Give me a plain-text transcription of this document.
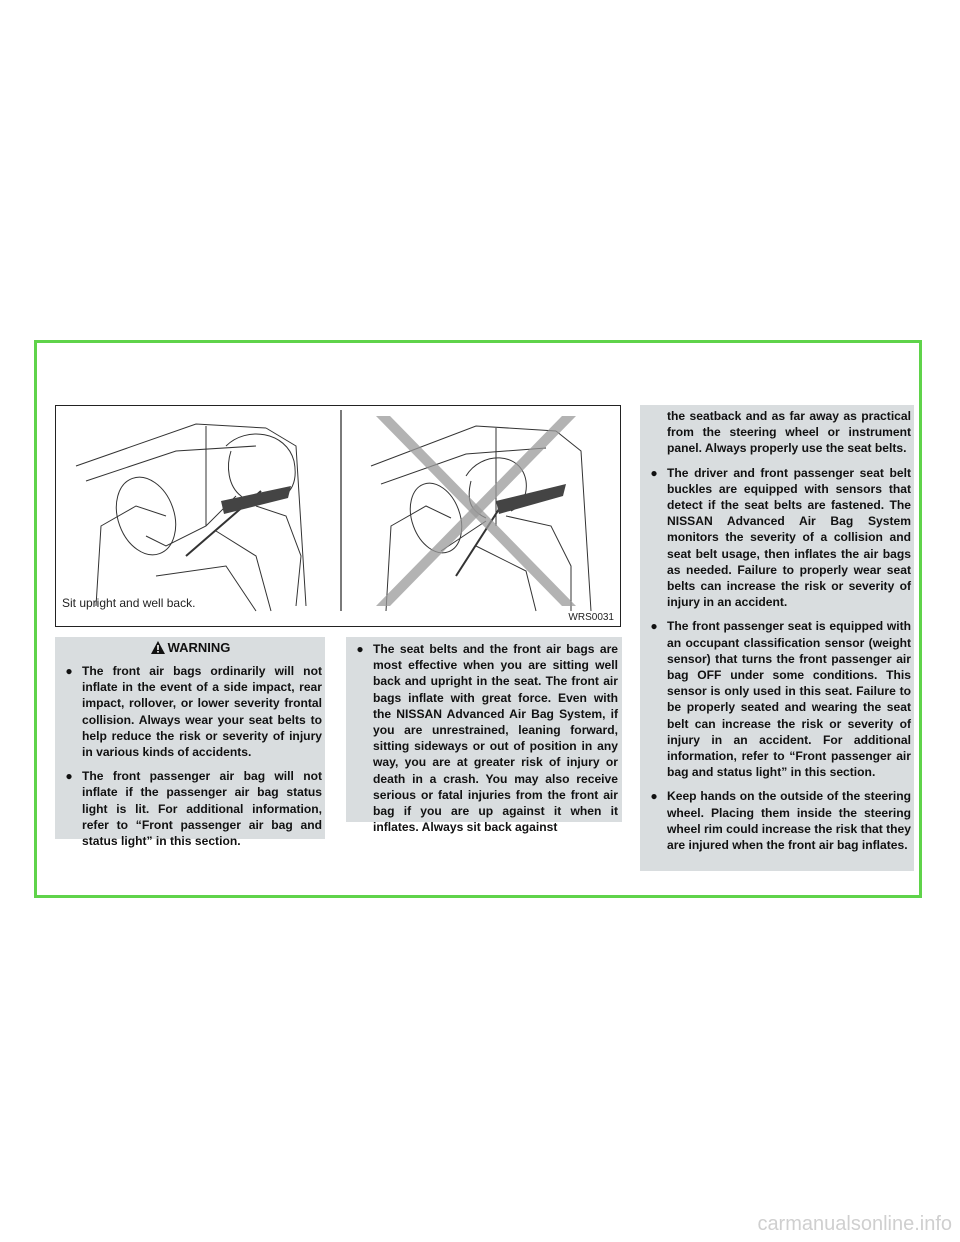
Sit upright and well back.
WRS0031
WARNING
● The front air bags ordinarily will not inflate in the event of a side impact, rear impact, rollover, or lower severity frontal collision. Always wear your seat belts to help reduce the risk or severity of injury in various kinds of accidents.
● The front passenger air bag will not inflate if the passenger air bag status light is lit. For additional information, refer to “Front passenger air bag and status light” in this section.
● The seat belts and the front air bags are most effective when you are sitting well back and upright in the seat. The front air bags inflate with great force. Even with the NISSAN Advanced Air Bag System, if you are unrestrained, leaning forward, sitting sideways or out of position in any way, you are at greater risk of injury or death in a crash. You may also receive serious or fatal injuries from the front air bag if you are up against it when it inflates. Always sit back against
the seatback and as far away as practical from the steering wheel or instrument panel. Always properly use the seat belts.
● The driver and front passenger seat belt buckles are equipped with sensors that detect if the seat belts are fastened. The NISSAN Advanced Air Bag System monitors the severity of a collision and seat belt usage, then inflates the air bags as needed. Failure to properly wear seat belts can increase the risk or severity of injury in an accident.
● The front passenger seat is equipped with an occupant classification sensor (weight sensor) that turns the front passenger air bag OFF under some conditions. This sensor is only used in this seat. Failure to be properly seated and wearing the seat belt can increase the risk or severity of injury in an accident. For additional information, refer to “Front passenger air bag and status light” in this section.
● Keep hands on the outside of the steering wheel. Placing them inside the steering wheel rim could increase the risk that they are injured when the front air bag inflates.
carmanualsonline.info
